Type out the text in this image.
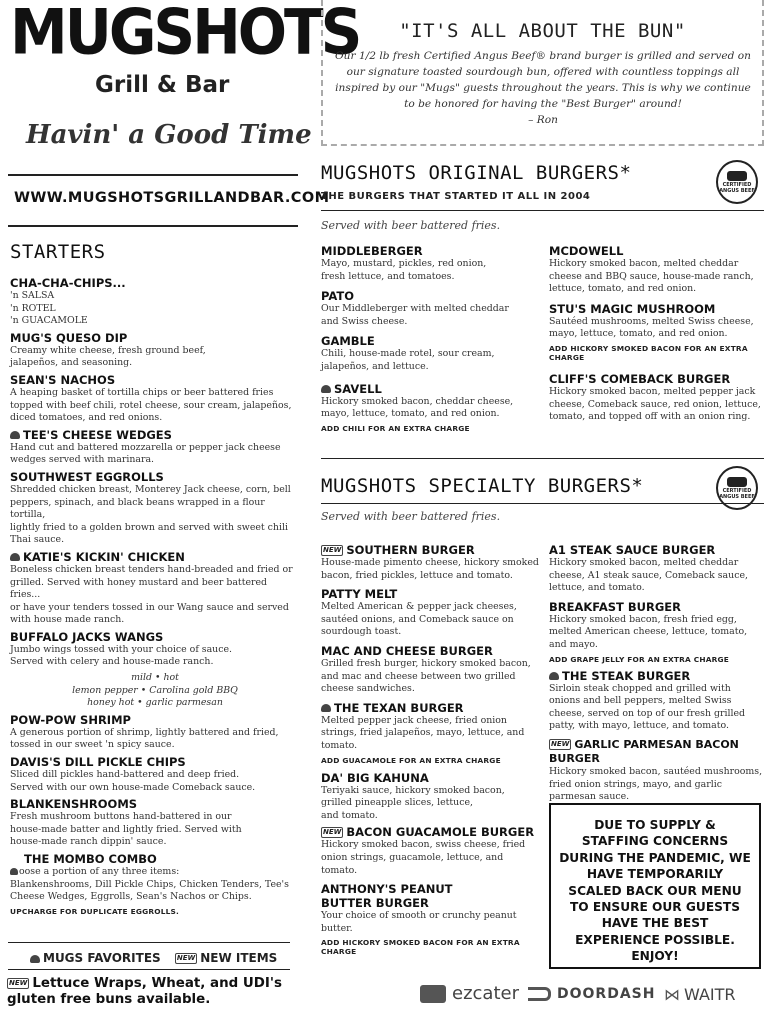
MUGSHOTS
Grill & Bar
Havin' a Good Time
WWW.MUGSHOTSGRILLANDBAR.COM
"IT'S ALL ABOUT THE BUN"
Our 1/2 lb fresh Certified Angus Beef® brand burger is grilled and served on our signature toasted sourdough bun, offered with countless toppings all inspired by our "Mugs" guests throughout the years. This is why we continue to be honored for having the "Best Burger" around!
– Ron
STARTERS
CHA-CHA-CHIPS...
'n SALSA
'n ROTEL
'n GUACAMOLE
MUG'S QUESO DIP
Creamy white cheese, fresh ground beef,
jalapeños, and seasoning.
SEAN'S NACHOS
A heaping basket of tortilla chips or beer battered fries
topped with beef chili, rotel cheese, sour cream, jalapeños,
diced tomatoes, and red onions.
TEE'S CHEESE WEDGES
Hand cut and battered mozzarella or pepper jack cheese
wedges served with marinara.
SOUTHWEST EGGROLLS
Shredded chicken breast, Monterey Jack cheese, corn, bell
peppers, spinach, and black beans wrapped in a flour tortilla,
lightly fried to a golden brown and served with sweet chili
Thai sauce.
KATIE'S KICKIN' CHICKEN
Boneless chicken breast tenders hand-breaded and fried or
grilled. Served with honey mustard and beer battered fries...
or have your tenders tossed in our Wang sauce and served
with house made ranch.
BUFFALO JACKS WANGS
Jumbo wings tossed with your choice of sauce.
Served with celery and house-made ranch.
mild • hot
lemon pepper • Carolina gold BBQ
honey hot • garlic parmesan
POW-POW SHRIMP
A generous portion of shrimp, lightly battered and fried,
tossed in our sweet 'n spicy sauce.
DAVIS'S DILL PICKLE CHIPS
Sliced dill pickles hand-battered and deep fried.
Served with our own house-made Comeback sauce.
BLANKENSHROOMS
Fresh mushroom buttons hand-battered in our
house-made batter and lightly fried. Served with
house-made ranch dippin' sauce.
THE MOMBO COMBO
oose a portion of any three items:
Blankenshrooms, Dill Pickle Chips, Chicken Tenders, Tee's
Cheese Wedges, Eggrolls, Sean's Nachos or Chips.
UPCHARGE FOR DUPLICATE EGGROLLS.
MUGS FAVORITES NEW NEW ITEMS
NEW Lettuce Wraps, Wheat, and UDI's gluten free buns available.
MUGSHOTS ORIGINAL BURGERS*
THE BURGERS THAT STARTED IT ALL IN 2004
CERTIFIED
ANGUS BEEF
Served with beer battered fries.
MIDDLEBERGER
Mayo, mustard, pickles, red onion,
fresh lettuce, and tomatoes.
PATO
Our Middleberger with melted cheddar
and Swiss cheese.
GAMBLE
Chili, house-made rotel, sour cream,
jalapeños, and lettuce.
SAVELL
Hickory smoked bacon, cheddar cheese,
mayo, lettuce, tomato, and red onion.
ADD CHILI FOR AN EXTRA CHARGE
MCDOWELL
Hickory smoked bacon, melted cheddar
cheese and BBQ sauce, house-made ranch,
lettuce, tomato, and red onion.
STU'S MAGIC MUSHROOM
Sautéed mushrooms, melted Swiss cheese,
mayo, lettuce, tomato, and red onion.
ADD HICKORY SMOKED BACON FOR AN EXTRA CHARGE
CLIFF'S COMEBACK BURGER
Hickory smoked bacon, melted pepper jack
cheese, Comeback sauce, red onion, lettuce,
tomato, and topped off with an onion ring.
MUGSHOTS SPECIALTY BURGERS*	CERTIFIED
ANGUS BEEF
Served with beer battered fries.
NEW SOUTHERN BURGER
House-made pimento cheese, hickory smoked
bacon, fried pickles, lettuce and tomato.
PATTY MELT
Melted American & pepper jack cheeses,
sautéed onions, and Comeback sauce on
sourdough toast.
MAC AND CHEESE BURGER
Grilled fresh burger, hickory smoked bacon,
and mac and cheese between two grilled
cheese sandwiches.
THE TEXAN BURGER
Melted pepper jack cheese, fried onion
strings, fried jalapeños, mayo, lettuce, and
tomato.
ADD GUACAMOLE FOR AN EXTRA CHARGE
DA' BIG KAHUNA
Teriyaki sauce, hickory smoked bacon,
grilled pineapple slices, lettuce,
and tomato.
NEW BACON GUACAMOLE BURGER
Hickory smoked bacon, swiss cheese, fried
onion strings, guacamole, lettuce, and
tomato.
ANTHONY'S PEANUT
BUTTER BURGER
Your choice of smooth or crunchy peanut
butter.
ADD HICKORY SMOKED BACON FOR AN EXTRA CHARGE
A1 STEAK SAUCE BURGER
Hickory smoked bacon, melted cheddar
cheese, A1 steak sauce, Comeback sauce,
lettuce, and tomato.
BREAKFAST BURGER
Hickory smoked bacon, fresh fried egg,
melted American cheese, lettuce, tomato,
and mayo.
ADD GRAPE JELLY FOR AN EXTRA CHARGE
THE STEAK BURGER
Sirloin steak chopped and grilled with
onions and bell peppers, melted Swiss
cheese, served on top of our fresh grilled
patty, with mayo, lettuce, and tomato.
NEW GARLIC PARMESAN BACON BURGER
Hickory smoked bacon, sautéed mushrooms,
fried onion strings, mayo, and garlic
parmesan sauce.
DUE TO SUPPLY & STAFFING CONCERNS DURING THE PANDEMIC, WE HAVE TEMPORARILY SCALED BACK OUR MENU TO ENSURE OUR GUESTS HAVE THE BEST EXPERIENCE POSSIBLE. ENJOY!
ezcater	DOORDASH ⋈ WAITR
